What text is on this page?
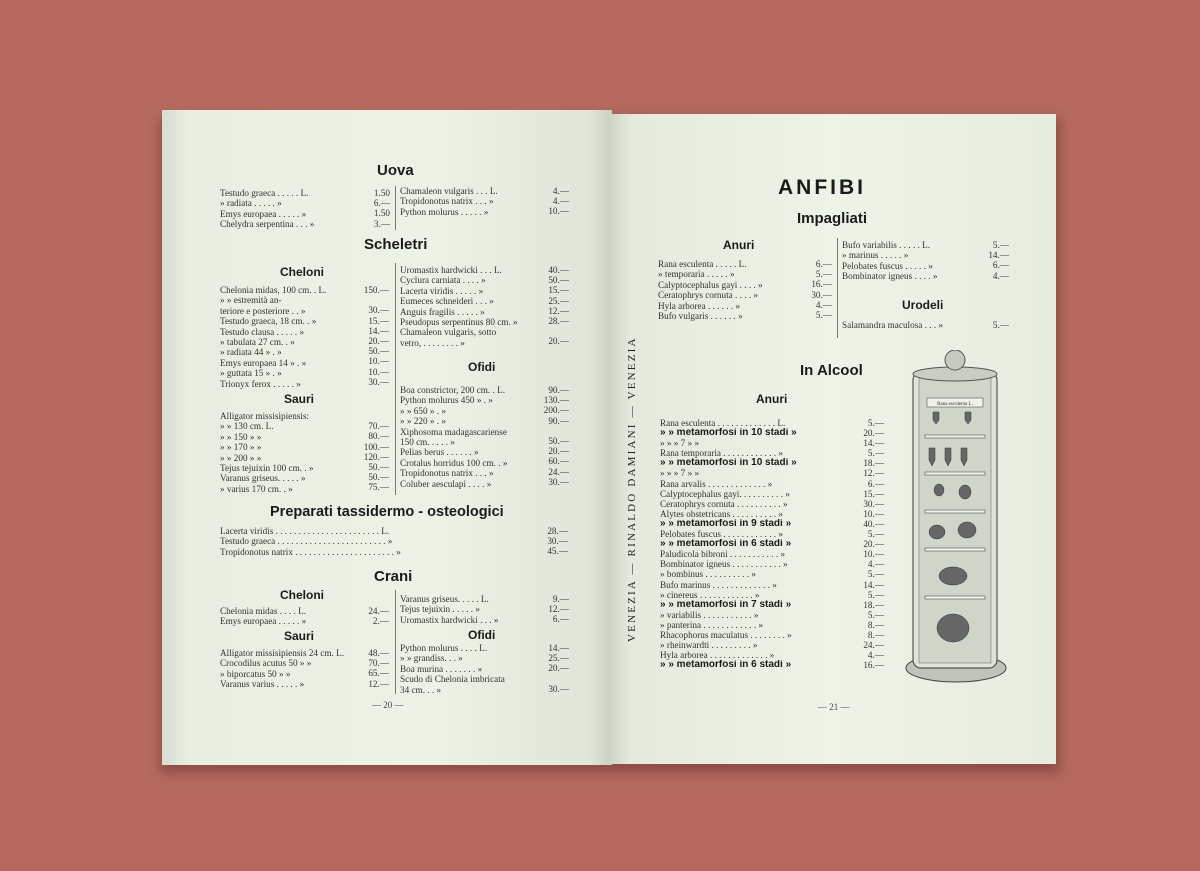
Uova
Testudo graeca . . . . . L.
» radiata . . . . . »
Emys europaea . . . . . »
Chelydra serpentina . . . »
1.50
6.—
1.50
3.—
Chamaleon vulgaris . . . L.
Tropidonotus natrix . . . »
Python molurus . . . . . »
4.—
4.—
10.—
Scheletri
Cheloni
Chelonia midas, 100 cm. . L.
» » estremità an-
teriore e posteriore . . »
Testudo graeca, 18 cm. . »
Testudo clausa . . . . . »
» tabulata 27 cm. . »
» radiata 44 » . »
Emys europaea 14 » . »
» guttata 15 » . »
Trionyx ferox . . . . . »
150.—

30.—
15.—
14.—
20.—
50.—
10.—
10.—
30.—
Sauri
Alligator missisipiensis:
» » 130 cm. L.
» » 150 » »
» » 170 » »
» » 200 » »
Tejus tejuixin 100 cm. . »
Varanus griseus. . . . . »
» varius 170 cm. . »

70.—
80.—
100.—
120.—
50.—
50.—
75.—
Uromastix hardwicki . . . L.
Cyclura carniata . . . . »
Lacerta viridis . . . . . »
Eumeces schneideri . . . »
Anguis fragilis . . . . . »
Pseudopus serpentinus 80 cm. »
Chamaleon vulgaris, sotto
vetro, . . . . . . . . »
40.—
50.—
15.—
25.—
12.—
28.—

20.—
Ofidi
Boa constrictor, 200 cm. . L.
Python molurus 450 » . »
» » 650 » . »
» » 220 » . »
Xiphosoma madagascariense
150 cm. . . . . »
Pelias berus . . . . . . »
Crotalus horridus 100 cm. . »
Tropidonotus natrix . . . »
Coluber aesculapi . . . . »
90.—
130.—
200.—
90.—

50.—
20.—
60.—
24.—
30.—
Preparati tassidermo - osteologici
Lacerta viridis . . . . . . . . . . . . . . . . . . . . . . . L.
Testudo graeca . . . . . . . . . . . . . . . . . . . . . . . . »
Tropidonotus natrix . . . . . . . . . . . . . . . . . . . . . . »
28.—
30.—
45.—
Crani
Cheloni
Chelonia midas . . . . L.
Emys europaea . . . . . »
24.—
2.—
Sauri
Alligator missisipiensis 24 cm. L.
Crocodilus acutus 50 » »
» biporcatus 50 » »
Varanus varius . . . . . »
48.—
70.—
65.—
12.—
Varanus griseus. . . . . L.
Tejus tejuixin . . . . . »
Uromastix hardwicki . . . »
9.—
12.—
6.—
Ofidi
Python molurus . . . . L.
» » grandiss. . . »
Boa murina . . . . . . . »
Scudo di Chelonia imbricata
34 cm. . . »
14.—
25.—
20.—

30.—
— 20 —
ANFIBI
Impagliati
Anuri
Rana esculenta . . . . . L.
» temporaria . . . . . »
Calyptocephalus gayi . . . . »
Ceratophrys cornuta . . . . »
Hyla arborea . . . . . . »
Bufo vulgaris . . . . . . »
6.—
5.—
16.—
30.—
4.—
5.—
Bufo variabilis . . . . . L.
» marinus . . . . . »
Pelobates fuscus . . . . . »
Bombinator igneus . . . . »
5.—
14.—
6.—
4.—
Urodeli
Salamandra maculosa . . . »	5.—
In Alcool
Anuri
Rana esculenta . . . . . . . . . . . . . L.
» » metamorfosi in 10 stadi »
» » » 7 » »
Rana temporaria . . . . . . . . . . . . »
» » metamorfosi in 10 stadi »
» » » 7 » »
Rana arvalis . . . . . . . . . . . . . »
Calyptocephalus gayi. . . . . . . . . . »
Ceratophrys cornuta . . . . . . . . . . »
Alytes obstetricans . . . . . . . . . . »
» » metamorfosi in 9 stadi »
Pelobates fuscus . . . . . . . . . . . . »
» » metamorfosi in 6 stadi »
Paludicola bibroni . . . . . . . . . . . »
Bombinator igneus . . . . . . . . . . . »
» bombinus . . . . . . . . . . »
Bufo marinus . . . . . . . . . . . . . »
» cinereus . . . . . . . . . . . . »
» » metamorfosi in 7 stadi »
» variabilis . . . . . . . . . . . »
» panterina . . . . . . . . . . . . »
Rhacophorus maculatus . . . . . . . . »
» rheinwardti . . . . . . . . . »
Hyla arborea . . . . . . . . . . . . . »
» » metamorfosi in 6 stadi »
5.—
20.—
14.—
5.—
18.—
12.—
6.—
15.—
30.—
10.—
40.—
5.—
20.—
10.—
4.—
5.—
14.—
5.—
18.—
5.—
8.—
8.—
24.—
4.—
16.—
— 21 —
VENEZIA — RINALDO DAMIANI — VENEZIA	Rana esculenta L.
